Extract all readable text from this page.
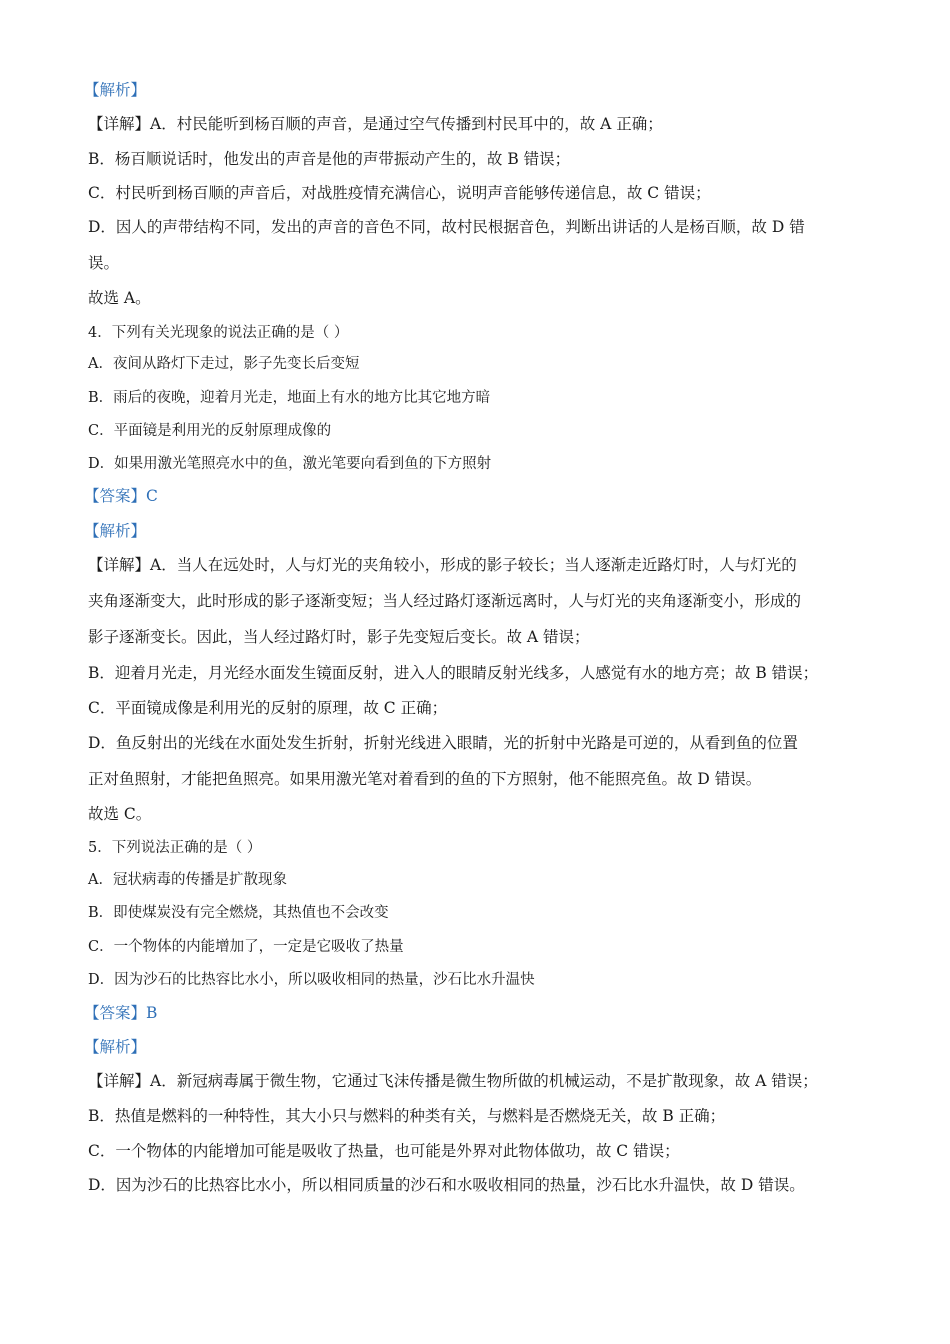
【解析】
【详解】A．村民能听到杨百顺的声音，是通过空气传播到村民耳中的，故 A 正确；
B．杨百顺说话时，他发出的声音是他的声带振动产生的，故 B 错误；
C．村民听到杨百顺的声音后，对战胜疫情充满信心，说明声音能够传递信息，故 C 错误；
D．因人的声带结构不同，发出的声音的音色不同，故村民根据音色，判断出讲话的人是杨百顺，故 D 错
误。
故选 A。
4．下列有关光现象的说法正确的是（ ）
A．夜间从路灯下走过，影子先变长后变短
B．雨后的夜晚，迎着月光走，地面上有水的地方比其它地方暗
C．平面镜是利用光的反射原理成像的
D．如果用激光笔照亮水中的鱼，激光笔要向看到鱼的下方照射
【答案】C
【解析】
【详解】A．当人在远处时，人与灯光的夹角较小，形成的影子较长；当人逐渐走近路灯时，人与灯光的
夹角逐渐变大，此时形成的影子逐渐变短；当人经过路灯逐渐远离时，人与灯光的夹角逐渐变小，形成的
影子逐渐变长。因此，当人经过路灯时，影子先变短后变长。故 A 错误；
B．迎着月光走，月光经水面发生镜面反射，进入人的眼睛反射光线多，人感觉有水的地方亮；故 B 错误；
C．平面镜成像是利用光的反射的原理，故 C 正确；
D．鱼反射出的光线在水面处发生折射，折射光线进入眼睛，光的折射中光路是可逆的，从看到鱼的位置
正对鱼照射，才能把鱼照亮。如果用激光笔对着看到的鱼的下方照射，他不能照亮鱼。故 D 错误。
故选 C。
5．下列说法正确的是（ ）
A．冠状病毒的传播是扩散现象
B．即使煤炭没有完全燃烧，其热值也不会改变
C．一个物体的内能增加了，一定是它吸收了热量
D．因为沙石的比热容比水小，所以吸收相同的热量，沙石比水升温快
【答案】B
【解析】
【详解】A．新冠病毒属于微生物，它通过飞沫传播是微生物所做的机械运动，不是扩散现象，故 A 错误；
B．热值是燃料的一种特性，其大小只与燃料的种类有关，与燃料是否燃烧无关，故 B 正确；
C．一个物体的内能增加可能是吸收了热量，也可能是外界对此物体做功，故 C 错误；
D．因为沙石的比热容比水小，所以相同质量的沙石和水吸收相同的热量，沙石比水升温快，故 D 错误。
